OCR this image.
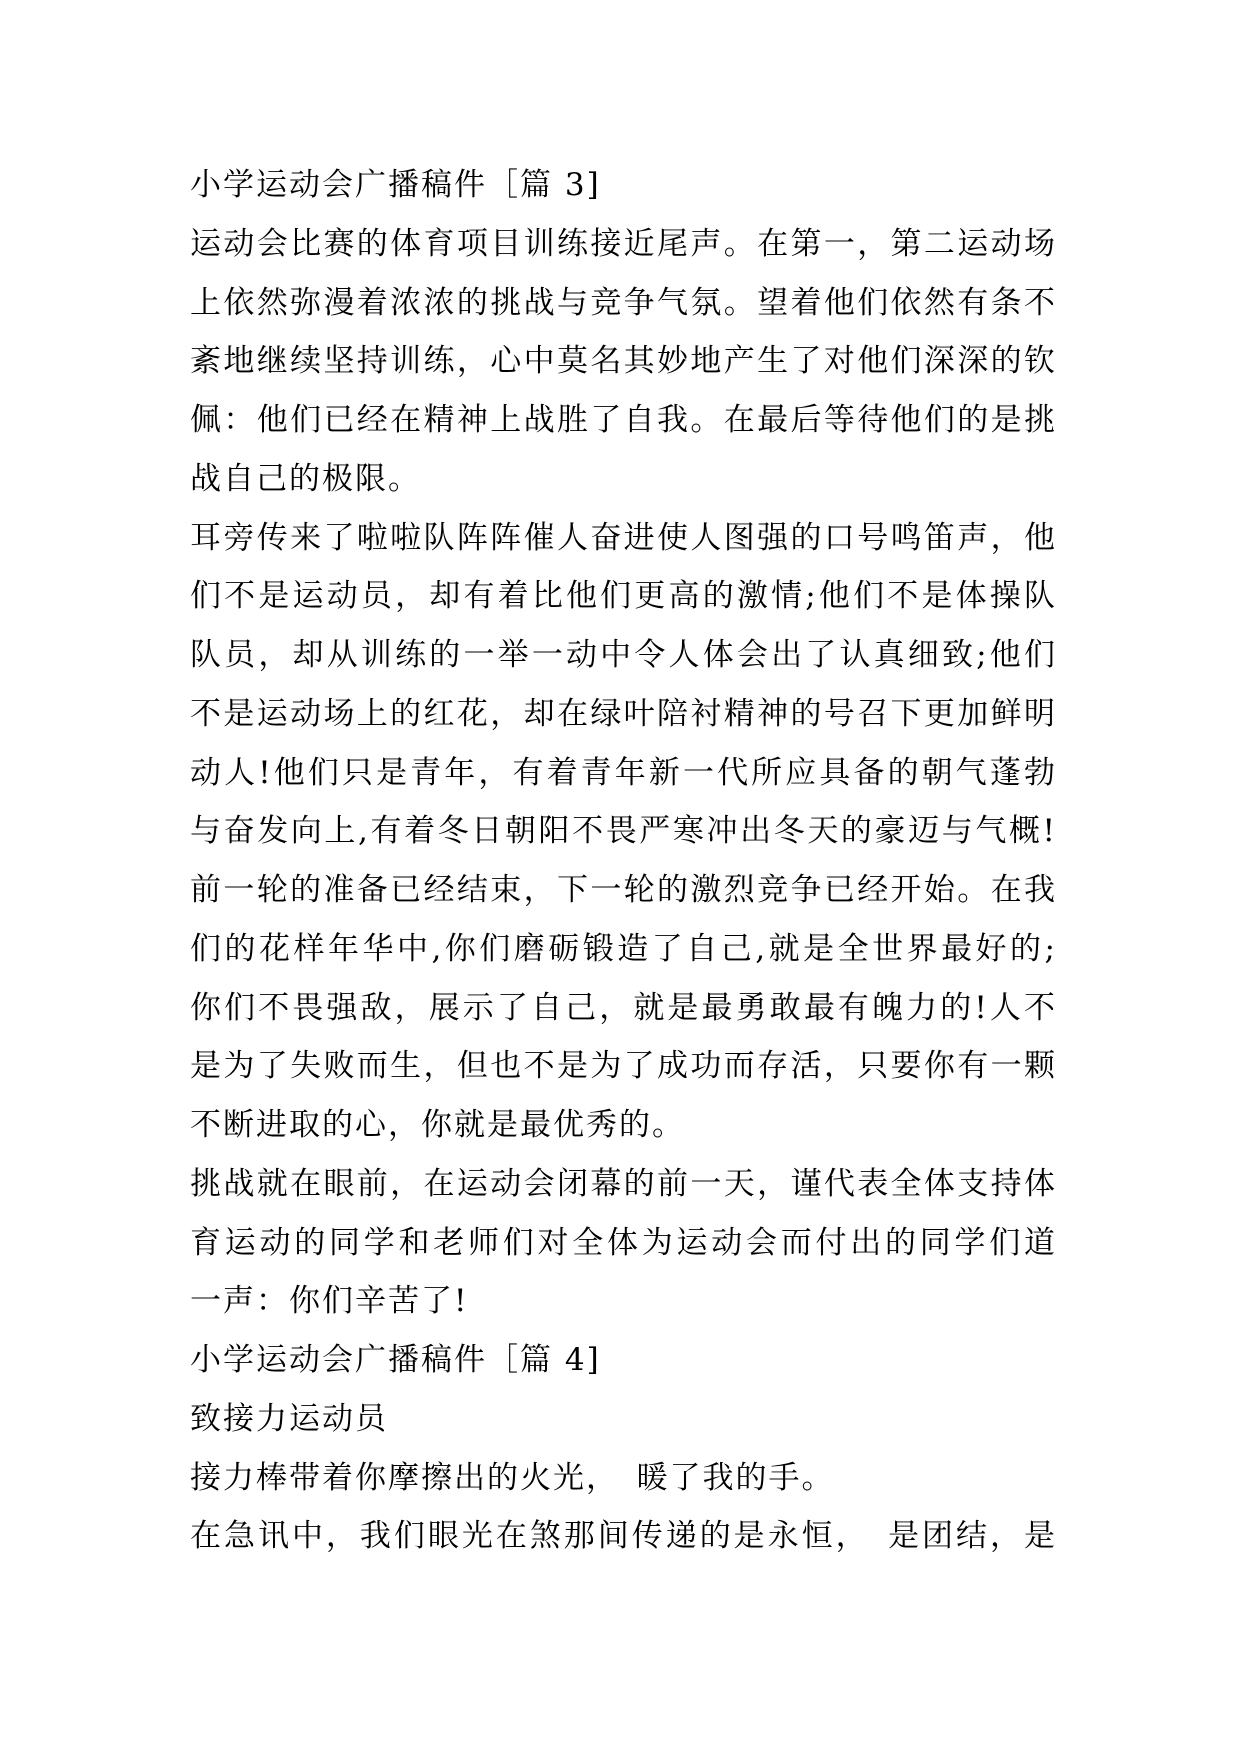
小学运动会广播稿件［篇 3]
运动会比赛的体育项目训练接近尾声。在第一，第二运动场
上依然弥漫着浓浓的挑战与竞争气氛。望着他们依然有条不
紊地继续坚持训练，心中莫名其妙地产生了对他们深深的钦
佩：他们已经在精神上战胜了自我。在最后等待他们的是挑
战自己的极限。
耳旁传来了啦啦队阵阵催人奋进使人图强的口号鸣笛声，他
们不是运动员，却有着比他们更高的激情;他们不是体操队
队员，却从训练的一举一动中令人体会出了认真细致;他们
不是运动场上的红花，却在绿叶陪衬精神的号召下更加鲜明
动人!他们只是青年，有着青年新一代所应具备的朝气蓬勃
与奋发向上,有着冬日朝阳不畏严寒冲出冬天的豪迈与气概!
前一轮的准备已经结束，下一轮的激烈竞争已经开始。在我
们的花样年华中,你们磨砺锻造了自己,就是全世界最好的;
你们不畏强敌，展示了自己，就是最勇敢最有魄力的!人不
是为了失败而生，但也不是为了成功而存活，只要你有一颗
不断进取的心，你就是最优秀的。
挑战就在眼前，在运动会闭幕的前一天，谨代表全体支持体
育运动的同学和老师们对全体为运动会而付出的同学们道
一声：你们辛苦了!
小学运动会广播稿件［篇 4]
致接力运动员
接力棒带着你摩擦出的火光，　暖了我的手。
在急讯中，我们眼光在煞那间传递的是永恒，　是团结，是
